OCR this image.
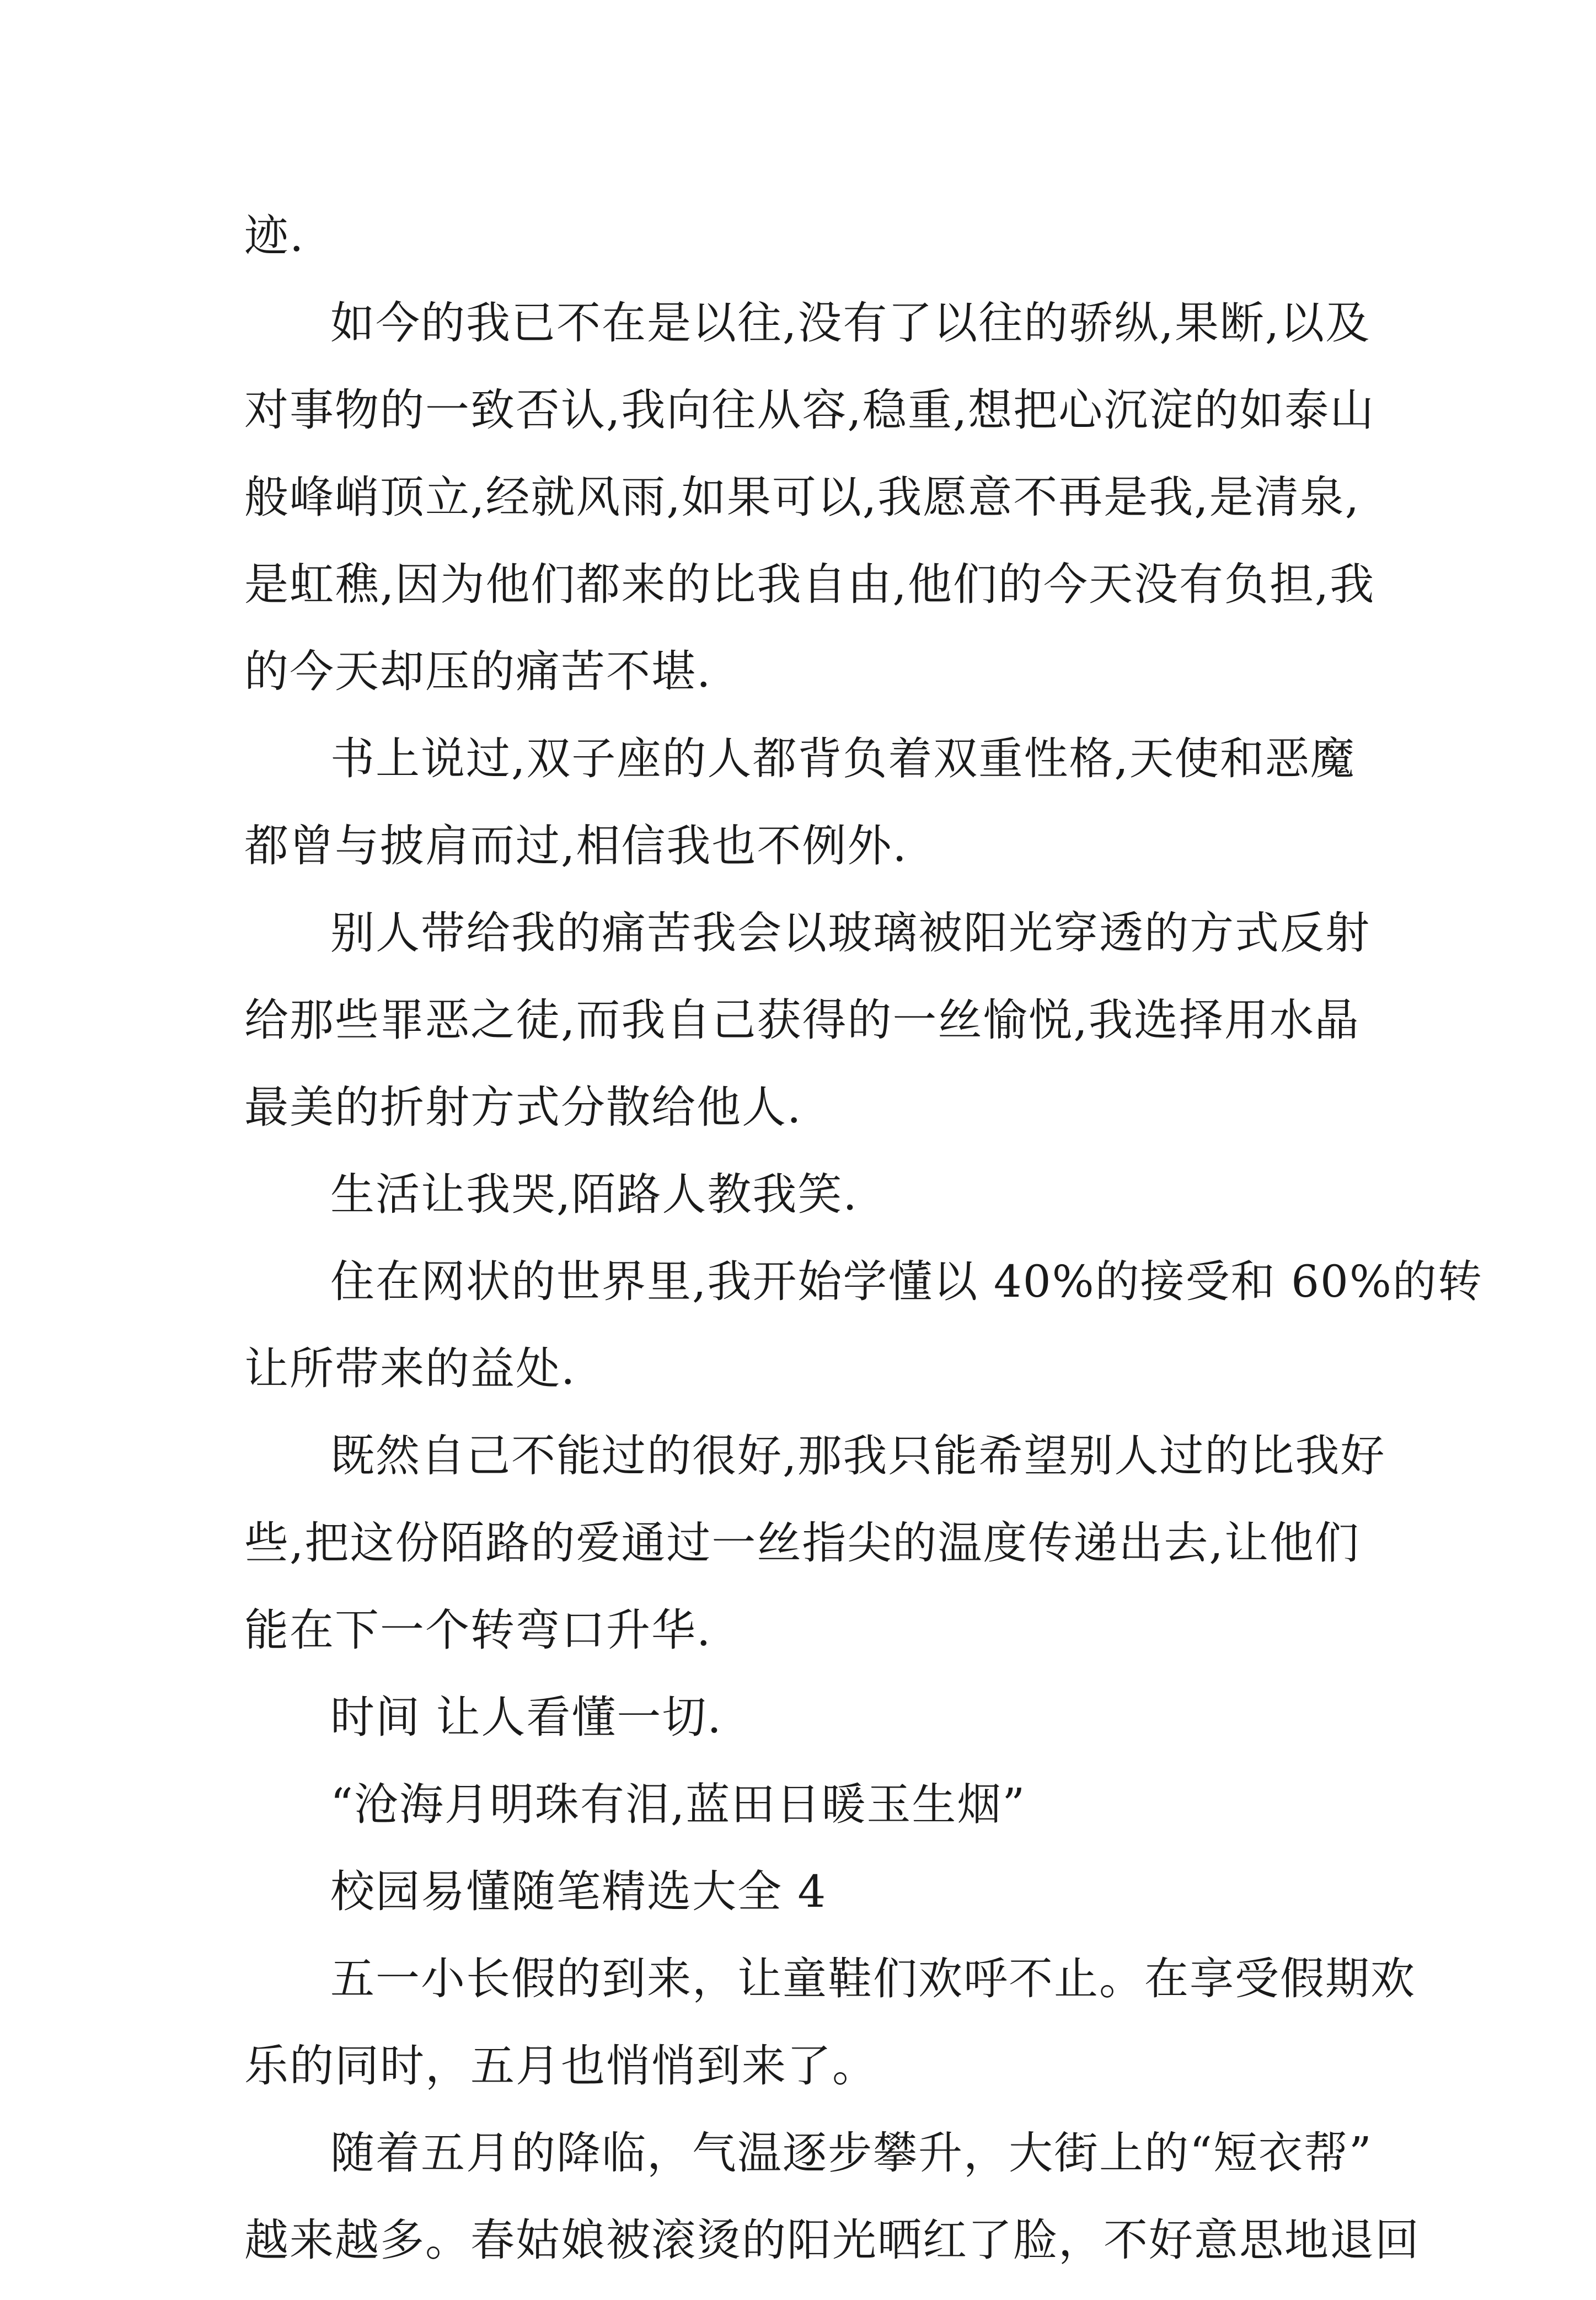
迹.
如今的我已不在是以往,没有了以往的骄纵,果断,以及
对事物的一致否认,我向往从容,稳重,想把心沉淀的如泰山
般峰峭顶立,经就风雨,如果可以,我愿意不再是我,是清泉,
是虹穛,因为他们都来的比我自由,他们的今天没有负担,我
的今天却压的痛苦不堪.
书上说过,双子座的人都背负着双重性格,天使和恶魔
都曾与披肩而过,相信我也不例外.
别人带给我的痛苦我会以玻璃被阳光穿透的方式反射
给那些罪恶之徒,而我自己获得的一丝愉悦,我选择用水晶
最美的折射方式分散给他人.
生活让我哭,陌路人教我笑.
住在网状的世界里,我开始学懂以 40%的接受和 60%的转
让所带来的益处.
既然自己不能过的很好,那我只能希望别人过的比我好
些,把这份陌路的爱通过一丝指尖的温度传递出去,让他们
能在下一个转弯口升华.
时间 让人看懂一切.
“沧海月明珠有泪,蓝田日暖玉生烟”
校园易懂随笔精选大全 4
五一小长假的到来，让童鞋们欢呼不止。在享受假期欢
乐的同时，五月也悄悄到来了。
随着五月的降临，气温逐步攀升，大街上的“短衣帮”
越来越多。春姑娘被滚烫的阳光晒红了脸，不好意思地退回
